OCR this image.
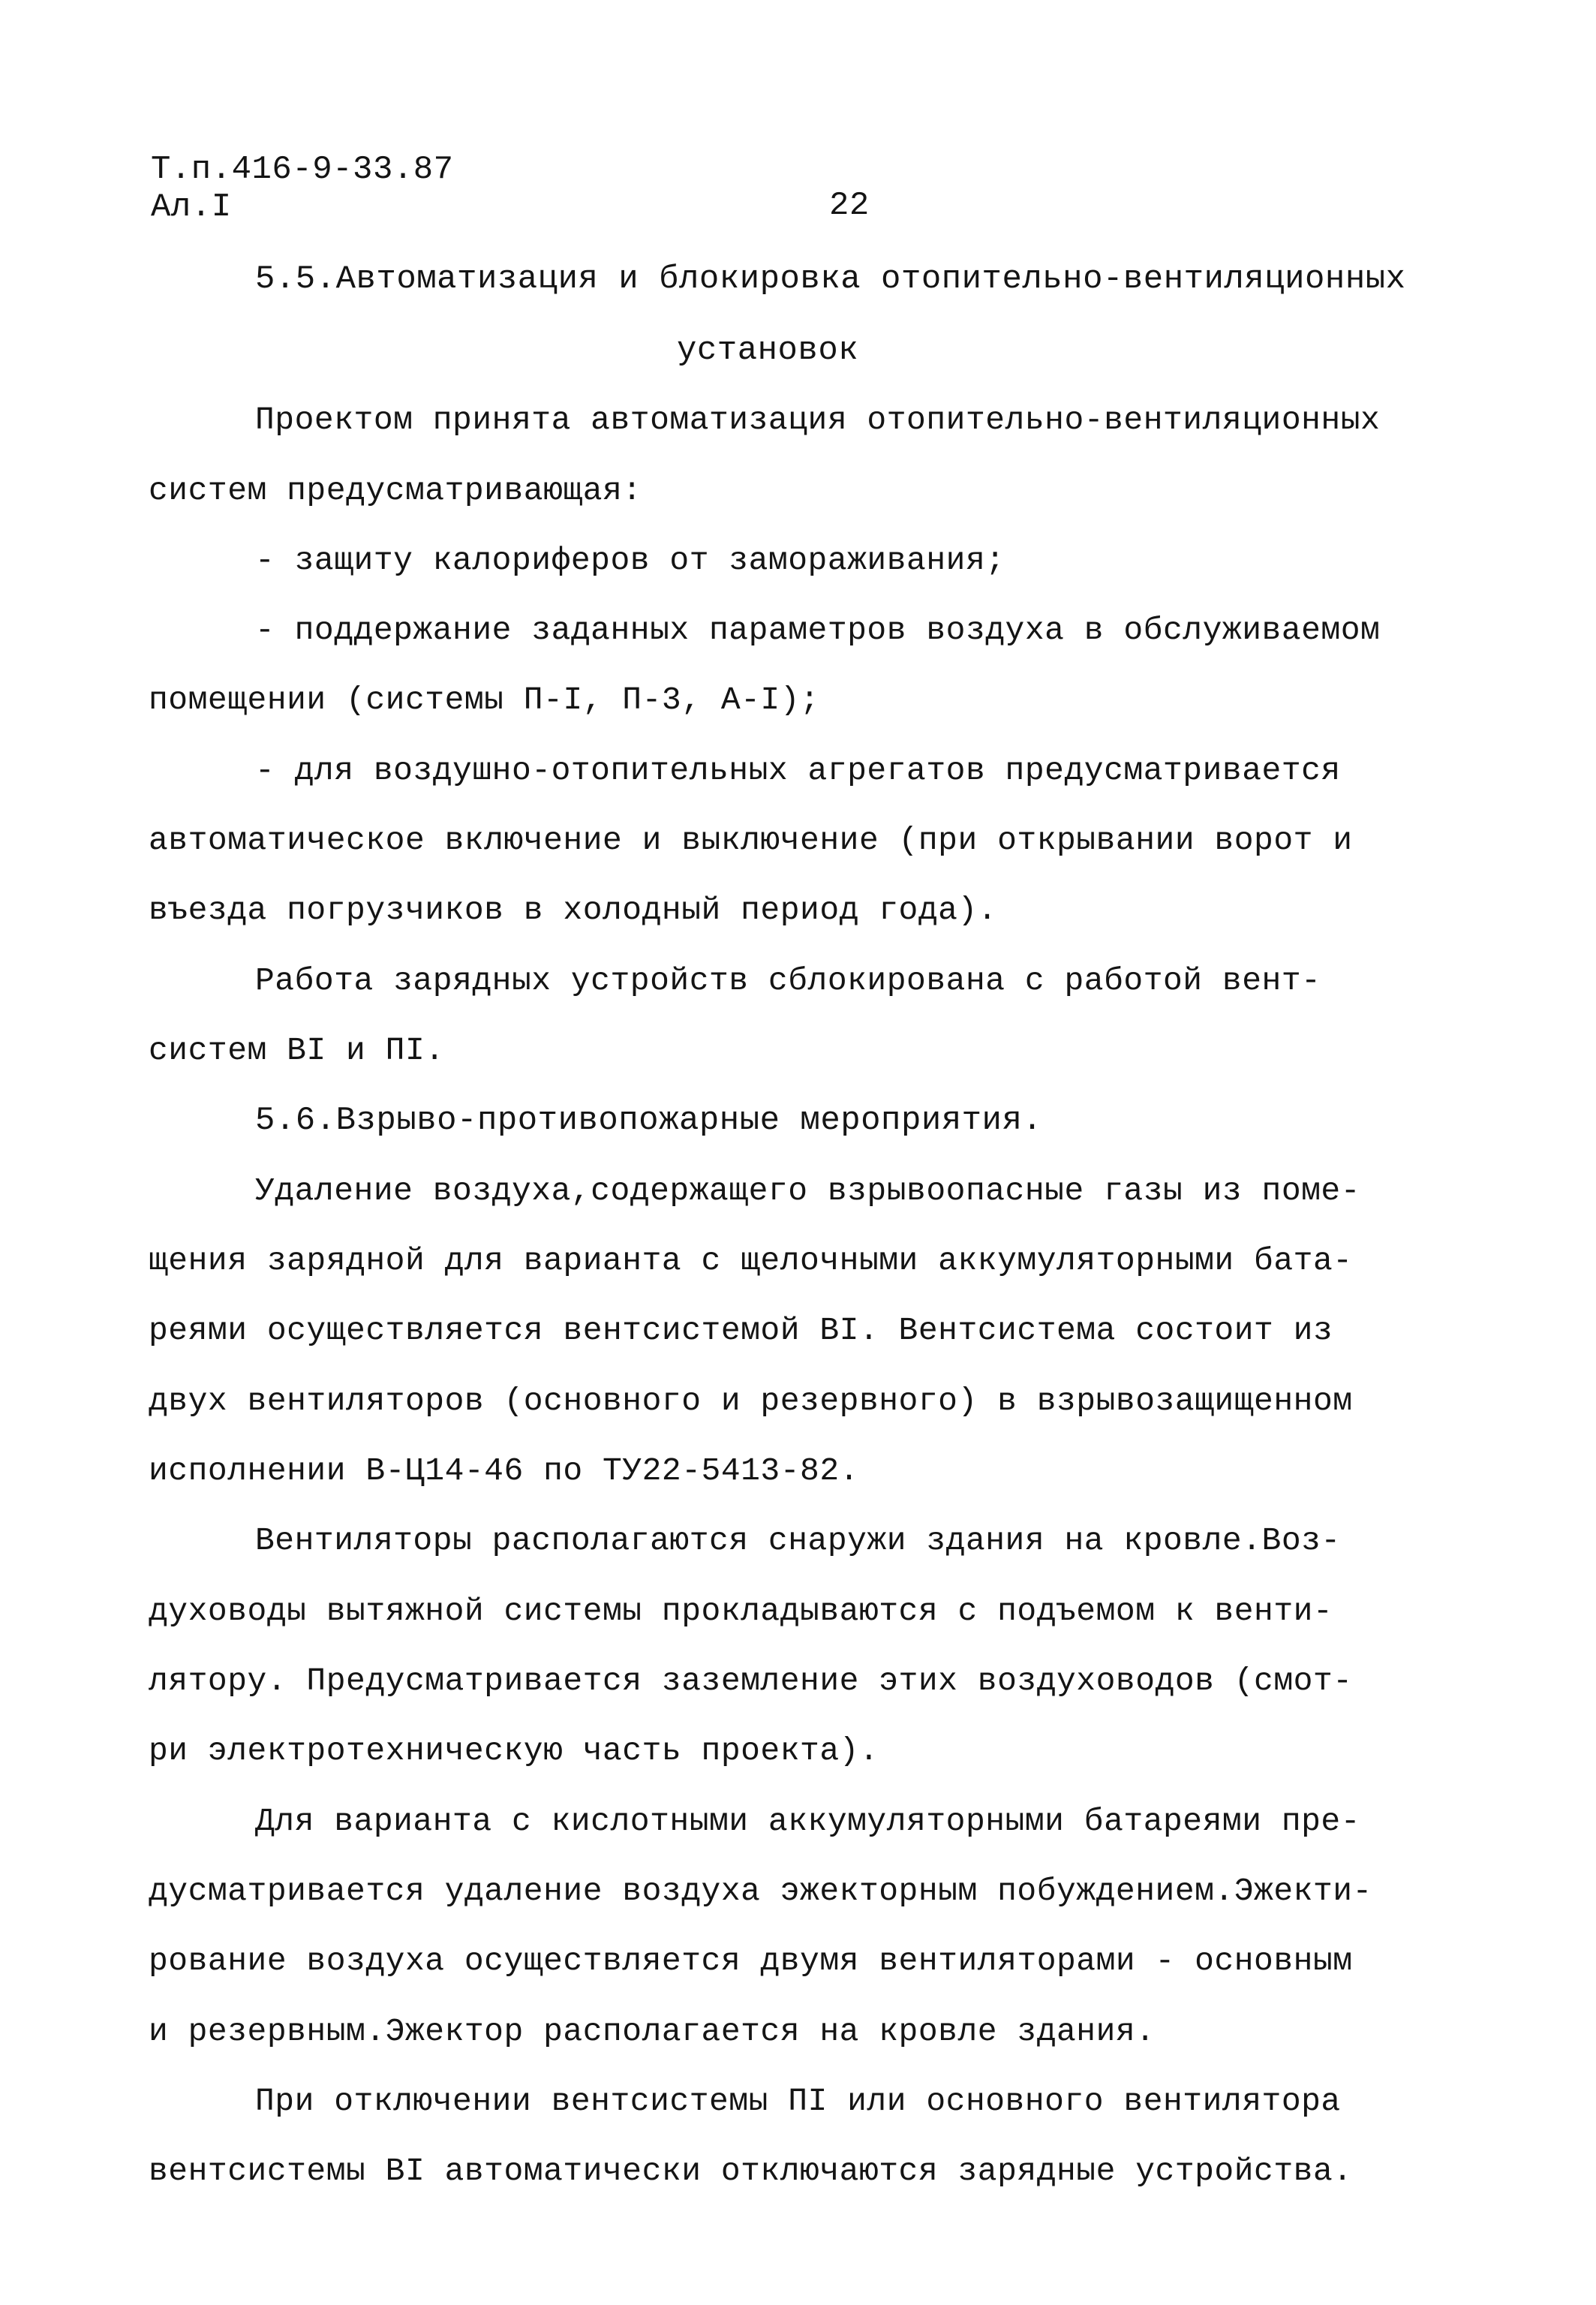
Т.п.416-9-33.87
Ал.I	22
5.5.Автоматизация и блокировка отопительно-вентиляционных
установок
Проектом принята автоматизация отопительно-вентиляционных
систем предусматривающая:
- защиту калориферов от замораживания;
- поддержание заданных параметров воздуха в обслуживаемом
помещении (системы П-I, П-3, А-I);
- для воздушно-отопительных агрегатов предусматривается
автоматическое включение и выключение (при открывании ворот и
въезда погрузчиков в холодный период года).
Работа зарядных устройств сблокирована с работой вент-
систем BI и ПI.
5.6.Взрыво-противопожарные мероприятия.
Удаление воздуха,содержащего взрывоопасные газы из поме-
щения зарядной для варианта с щелочными аккумуляторными бата-
реями осуществляется вентсистемой BI. Вентсистема состоит из
двух вентиляторов (основного и резервного) в взрывозащищенном
исполнении В-Ц14-46 по ТУ22-5413-82.
Вентиляторы располагаются снаружи здания на кровле.Воз-
духоводы вытяжной системы прокладываются с подъемом к венти-
лятору. Предусматривается заземление этих воздуховодов (смот-
ри электротехническую часть проекта).
Для варианта с кислотными аккумуляторными батареями пре-
дусматривается удаление воздуха эжекторным побуждением.Эжекти-
рование воздуха осуществляется двумя вентиляторами - основным
и резервным.Эжектор располагается на кровле здания.
При отключении вентсистемы ПI или основного вентилятора
вентсистемы BI автоматически отключаются зарядные устройства.
